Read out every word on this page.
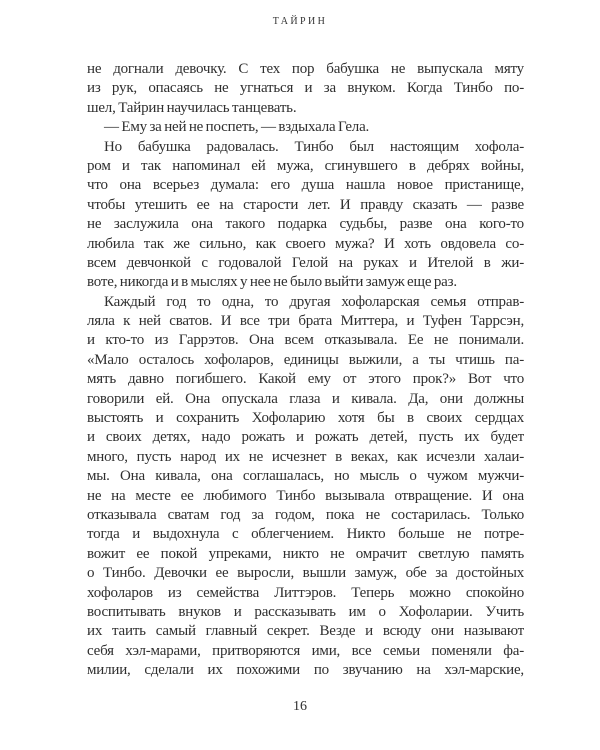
ТАЙРИН
не догнали девочку. С тех пор бабушка не выпускала мяту
из рук, опасаясь не угнаться и за внуком. Когда Тинбо по-
шел, Тайрин научилась танцевать.
— Ему за ней не поспеть, — вздыхала Гела.
Но бабушка радовалась. Тинбо был настоящим хофола-
ром и так напоминал ей мужа, сгинувшего в дебрях войны,
что она всерьез думала: его душа нашла новое пристанище,
чтобы утешить ее на старости лет. И правду сказать — разве
не заслужила она такого подарка судьбы, разве она кого-то
любила так же сильно, как своего мужа? И хоть овдовела со-
всем девчонкой с годовалой Гелой на руках и Ителой в жи-
воте, никогда и в мыслях у нее не было выйти замуж еще раз.
Каждый год то одна, то другая хофоларская семья отправ-
ляла к ней сватов. И все три брата Миттера, и Туфен Таррсэн,
и кто-то из Гаррэтов. Она всем отказывала. Ее не понимали.
«Мало осталось хофоларов, единицы выжили, а ты чтишь па-
мять давно погибшего. Какой ему от этого прок?» Вот что
говорили ей. Она опускала глаза и кивала. Да, они должны
выстоять и сохранить Хофоларию хотя бы в своих сердцах
и своих детях, надо рожать и рожать детей, пусть их будет
много, пусть народ их не исчезнет в веках, как исчезли халаи-
мы. Она кивала, она соглашалась, но мысль о чужом мужчи-
не на месте ее любимого Тинбо вызывала отвращение. И она
отказывала сватам год за годом, пока не состарилась. Только
тогда и выдохнула с облегчением. Никто больше не потре-
вожит ее покой упреками, никто не омрачит светлую память
о Тинбо. Девочки ее выросли, вышли замуж, обе за достойных
хофоларов из семейства Литтэров. Теперь можно спокойно
воспитывать внуков и рассказывать им о Хофоларии. Учить
их таить самый главный секрет. Везде и всюду они называют
себя хэл-марами, притворяются ими, все семьи поменяли фа-
милии, сделали их похожими по звучанию на хэл-марские,
16
